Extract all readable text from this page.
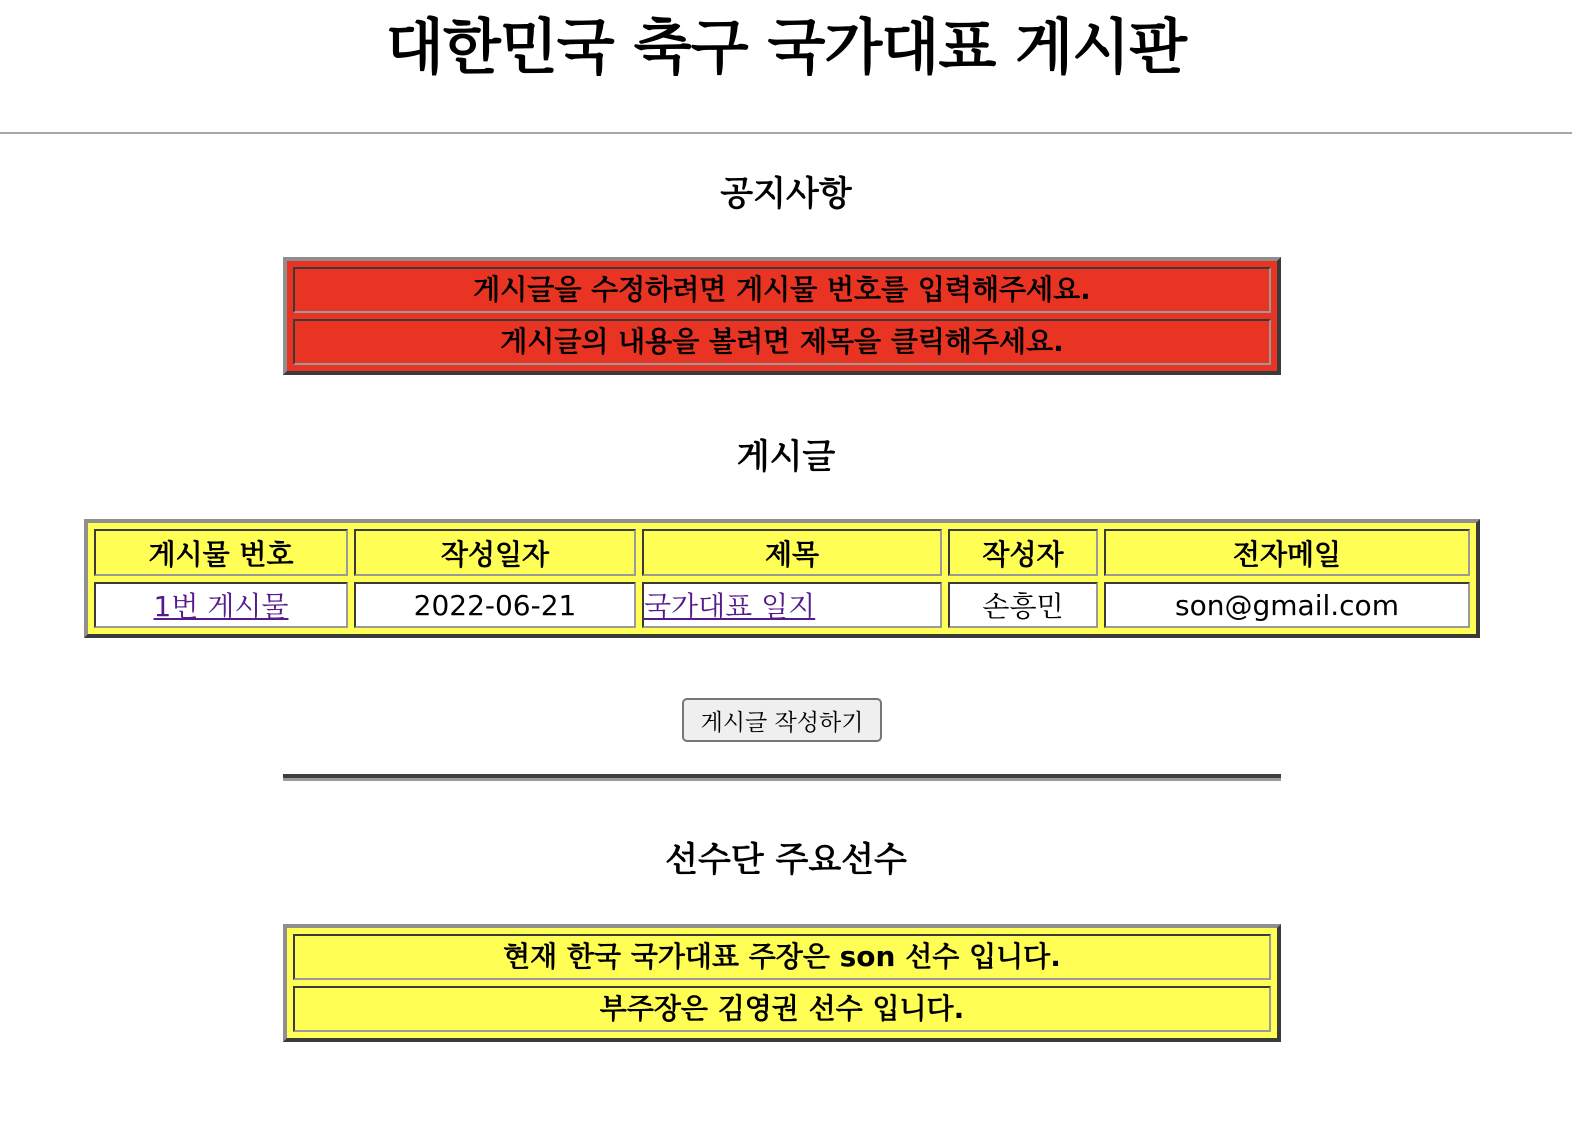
대한민국 축구 국가대표 게시판
공지사항
게시글을 수정하려면 게시물 번호를 입력해주세요.
게시글의 내용을 볼려면 제목을 클릭해주세요.
게시글
게시물 번호	작성일자	제목	작성자	전자메일
1번 게시물	2022-06-21	국가대표 일지	손흥민	son@gmail.com
게시글 작성하기
선수단 주요선수
현재 한국 국가대표 주장은 son 선수 입니다.
부주장은 김영권 선수 입니다.
